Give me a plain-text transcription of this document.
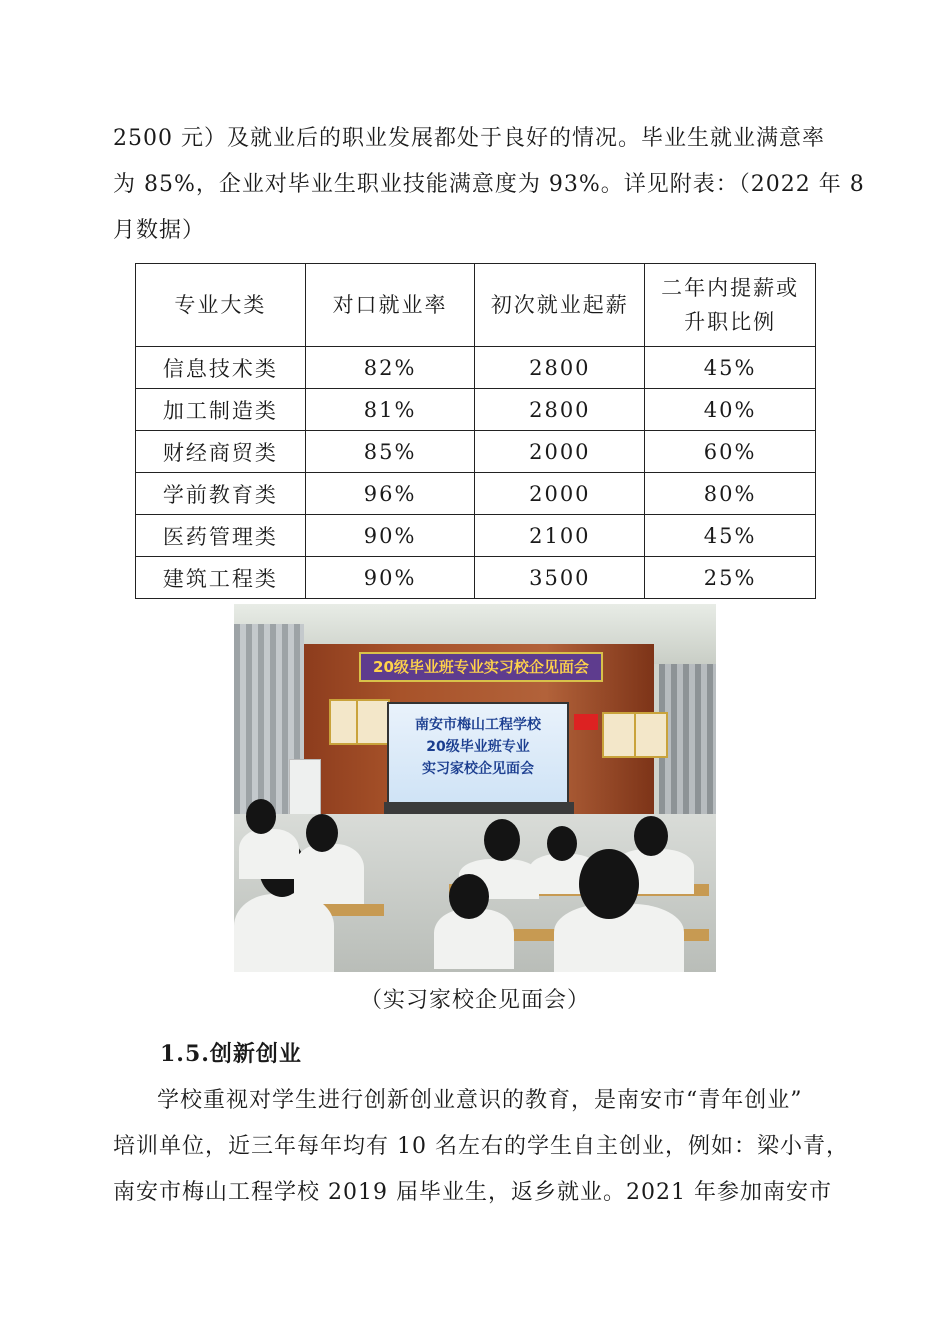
2500 元）及就业后的职业发展都处于良好的情况。毕业生就业满意率
为 85%，企业对毕业生职业技能满意度为 93%。详见附表：（2022 年 8
月数据）
专业大类	对口就业率	初次就业起薪	二年内提薪或
升职比例
信息技术类	82%	2800	45%
加工制造类	81%	2800	40%
财经商贸类	85%	2000	60%
学前教育类	96%	2000	80%
医药管理类	90%	2100	45%
建筑工程类	90%	3500	25%
20级毕业班专业实习校企见面会
南安市梅山工程学校
20级毕业班专业
实习家校企见面会
（实习家校企见面会）
1.5.创新创业
学校重视对学生进行创新创业意识的教育，是南安市“青年创业”
培训单位，近三年每年均有 10 名左右的学生自主创业，例如：梁小青，
南安市梅山工程学校 2019 届毕业生，返乡就业。2021 年参加南安市
